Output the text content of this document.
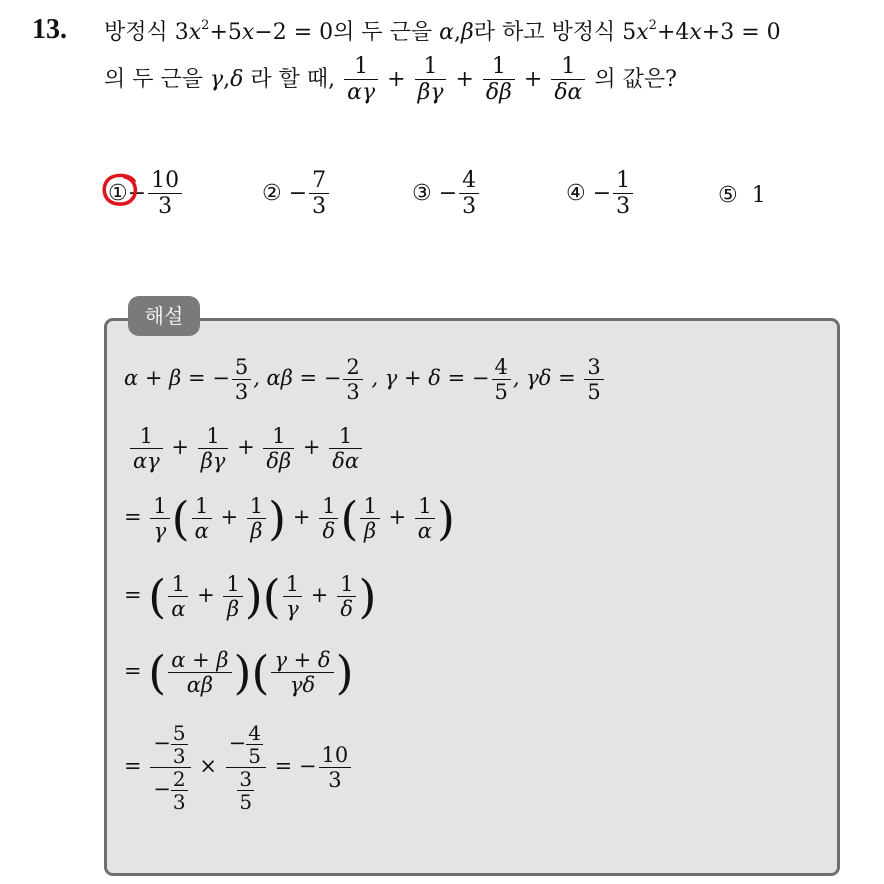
13. 방정식 $3x^2+5x-2 = 0$의 두 근을 α,β라 하고 방정식 $5x^2+4x+3 = 0$
의 두 근을 γ,δ 라 할 때, $\frac{1}{\alpha\gamma} + \frac{1}{\beta\gamma} + \frac{1}{\delta\beta} + \frac{1}{\delta\alpha}$ 의 값은?
①− $\frac{10}{3}$	② − $\frac{7}{3}$	③ − $\frac{4}{3}$	④ − $\frac{1}{3}$	⑤ 1
해설
α + β = − $\frac{5}{3}$ , αβ = − $\frac{2}{3}$ , γ + δ = − $\frac{4}{5}$ , $\gamma\delta = \frac{3}{5}$
$\frac{1}{\alpha\gamma} + \frac{1}{\beta\gamma} + \frac{1}{\delta\beta} + \frac{1}{\delta\alpha}$
= $\frac{1}{\gamma}$ ( $\frac{1}{\alpha} + \frac{1}{\beta}$ ) + $\frac{1}{\delta}$ ( $\frac{1}{\beta} + \frac{1}{\alpha}$ )
= ( $\frac{1}{\alpha} + \frac{1}{\beta}$ )( $\frac{1}{\gamma} + \frac{1}{\delta}$ )
= ( $\frac{\alpha + \beta}{\alpha\beta}$ )( $\frac{\gamma + \delta}{\gamma\delta}$ )
= $\frac{- \frac{5}{3}}{- \frac{2}{3}} \times \frac{- \frac{4}{5}}{\frac{3}{5}}$ = − $\frac{10}{3}$
